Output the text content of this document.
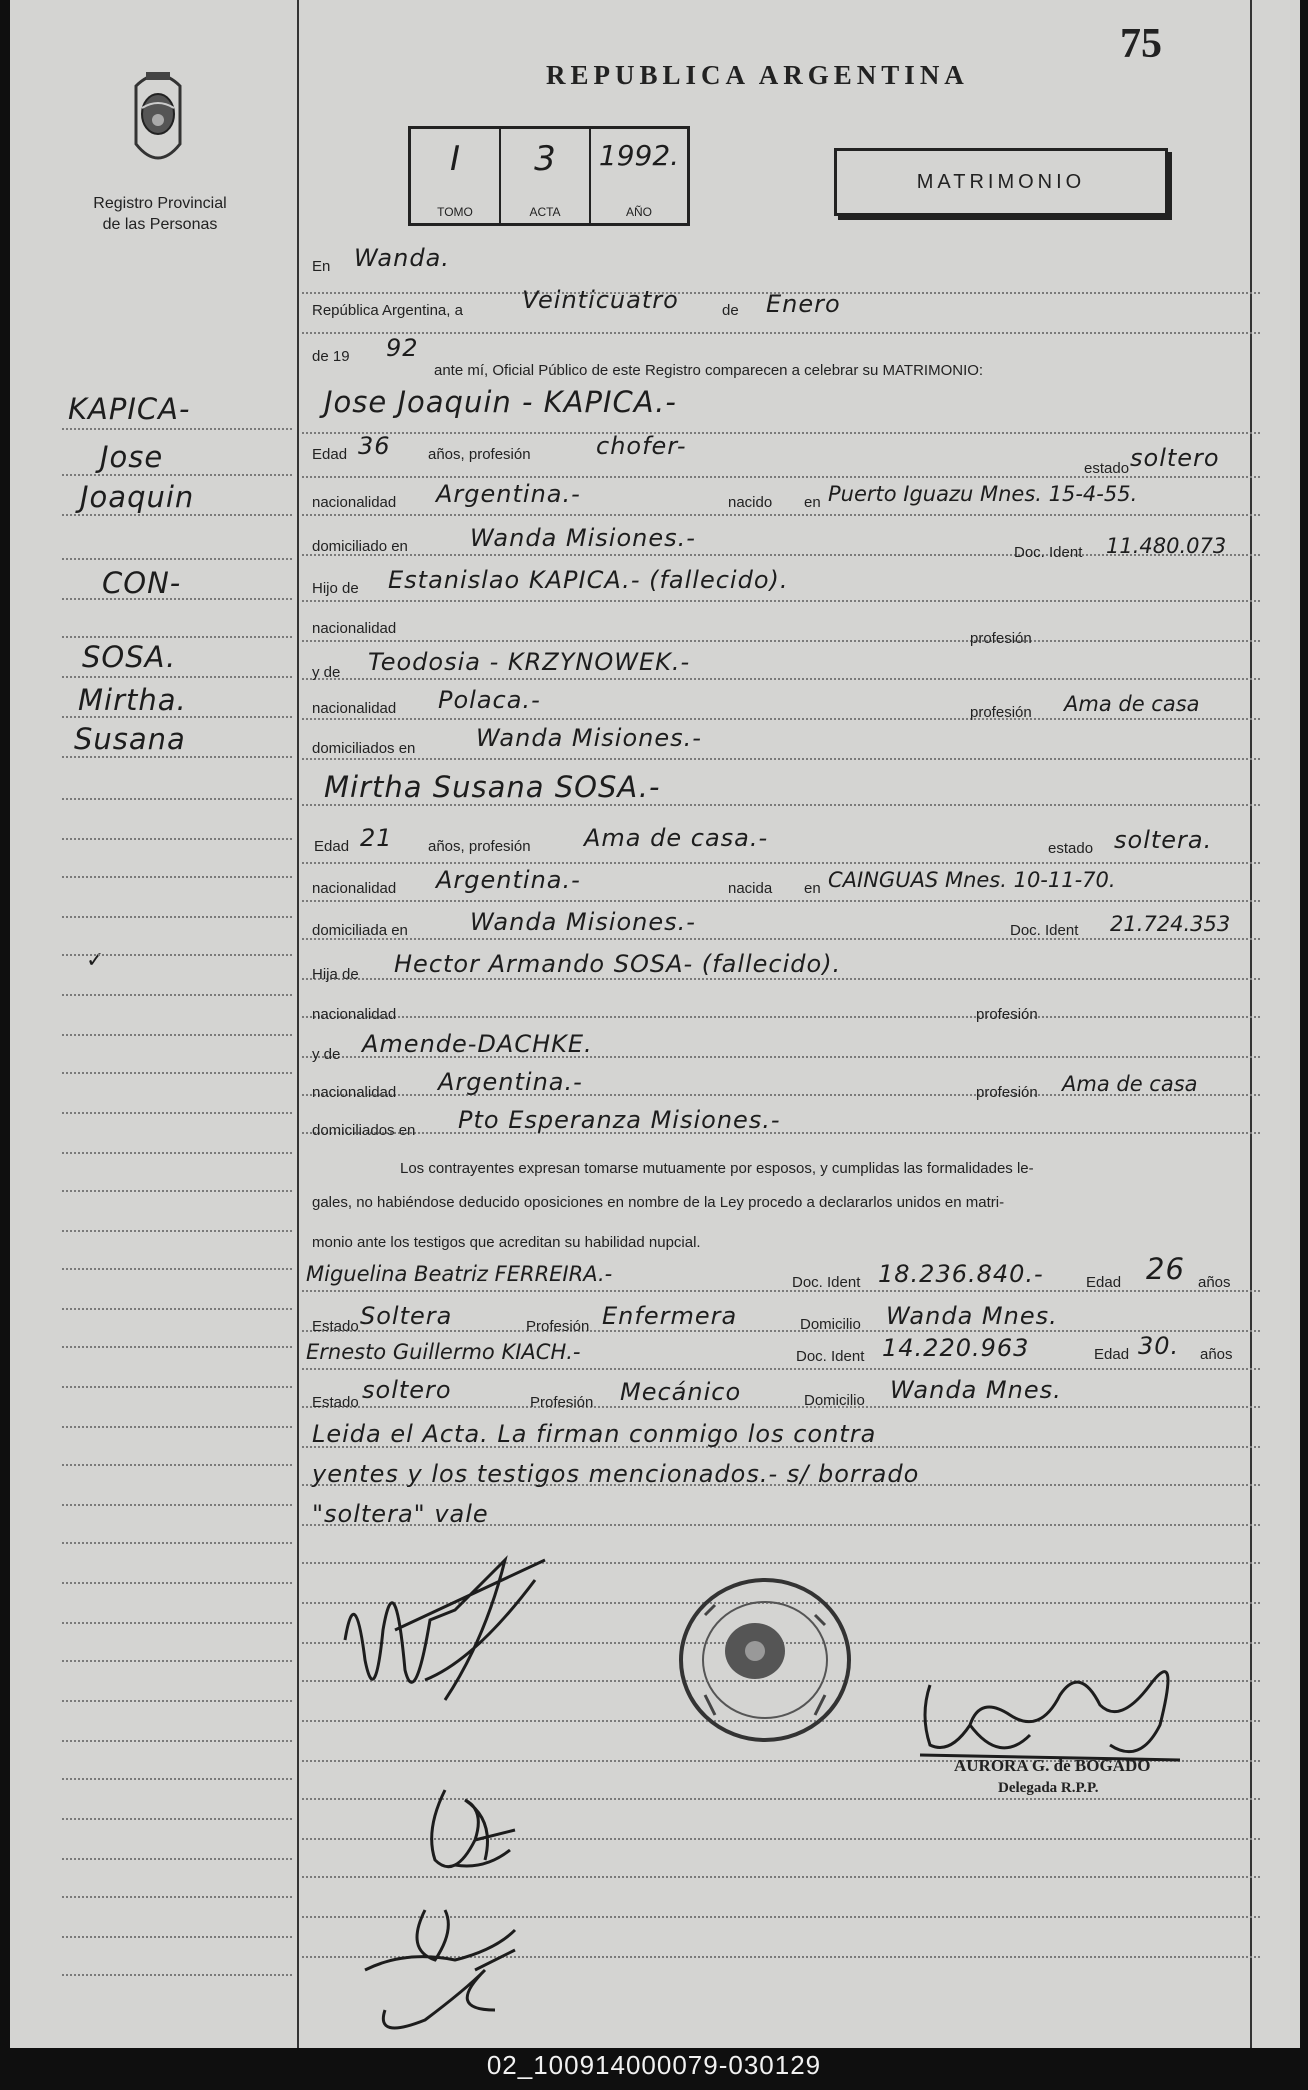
Registro Provincial
de las Personas
REPUBLICA ARGENTINA
75
I
TOMO
3
ACTA
1992.
AÑO
MATRIMONIO
KAPICA-
Jose
Joaquin
CON-
SOSA.
Mirtha.
Susana
✓
En Wanda.
República Argentina, a Veinticuatro	de Enero
de 19 92
ante mí, Oficial Público de este Registro comparecen a celebrar su MATRIMONIO:
Jose Joaquin - KAPICA.-
Edad 36 años, profesión	chofer-
estado soltero
nacionalidad Argentina.-	nacido en Puerto Iguazu Mnes. 15-4-55.
domiciliado en	Wanda Misiones.-
Doc. Ident 11.480.073
Hijo de Estanislao KAPICA.- (fallecido).
nacionalidad
profesión
y de Teodosia - KRZYNOWEK.-
nacionalidad Polaca.-	profesión Ama de casa
domiciliados en	Wanda Misiones.-
Mirtha Susana SOSA.-
Edad 21 años, profesión Ama de casa.-	estado soltera.
nacionalidad Argentina.-	nacida en CAINGUAS Mnes. 10-11-70.
domiciliada en	Wanda Misiones.-	Doc. Ident 21.724.353
Hija de Hector Armando SOSA- (fallecido).
nacionalidad	profesión
y de Amende-DACHKE.
nacionalidad Argentina.-	profesión Ama de casa
domiciliados en Pto Esperanza Misiones.-
Los contrayentes expresan tomarse mutuamente por esposos, y cumplidas las formalidades le-
gales, no habiéndose deducido oposiciones en nombre de la Ley procedo a declararlos unidos en matri-
monio ante los testigos que acreditan su habilidad nupcial.
Miguelina Beatriz FERREIRA.-	Doc. Ident 18.236.840.-	Edad 26 años
Estado Soltera	Profesión Enfermera	Domicilio Wanda Mnes.
Ernesto Guillermo KIACH.-	Doc. Ident 14.220.963	Edad 30. años
Estado soltero	Profesión Mecánico	Domicilio Wanda Mnes.
Leida el Acta. La firman conmigo los contra
yentes y los testigos mencionados.- s/ borrado
"soltera" vale
AURORA G. de BOGADO
Delegada R.P.P.
02_100914000079-030129
